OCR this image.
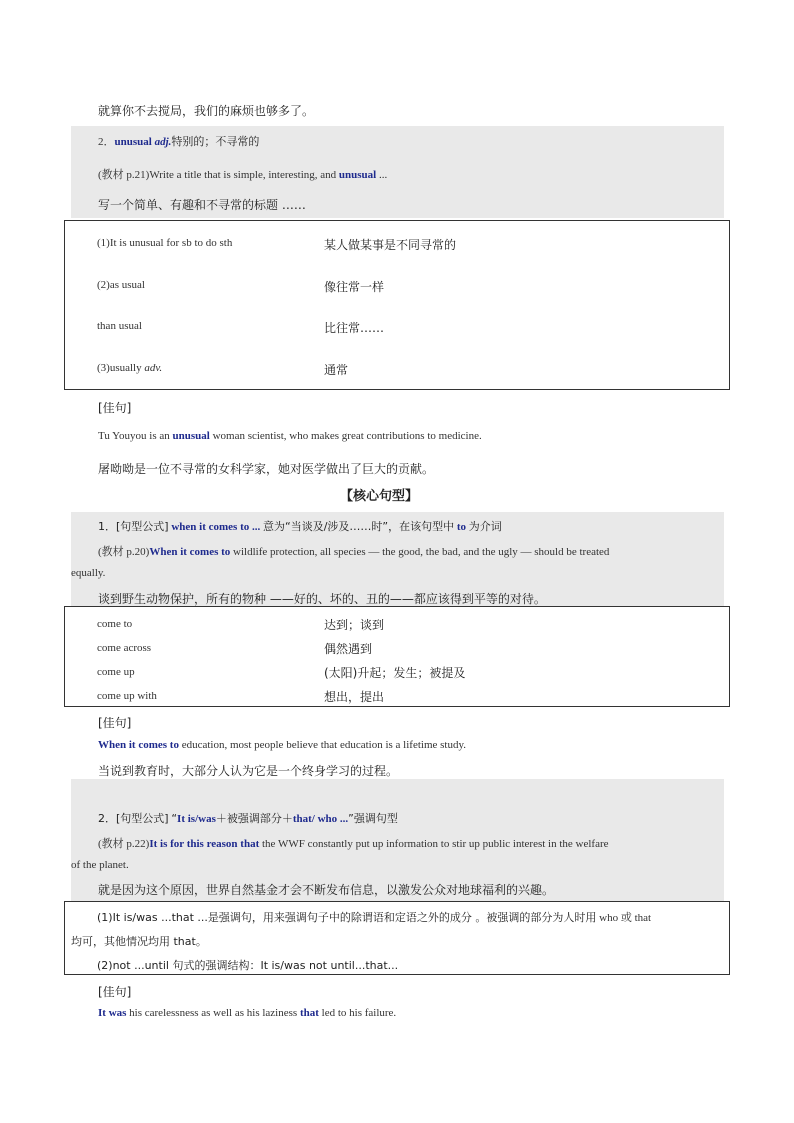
就算你不去搅局，我们的麻烦也够多了。
2．unusual adj.特别的；不寻常的
(教材 p.21)Write a title that is simple, interesting, and unusual ...
写一个简单、有趣和不寻常的标题 ……
(1)It is unusual for sb to do sth	某人做某事是不同寻常的
(2)as usual	像往常一样
than usual	比往常……
(3)usually adv.	通常
[佳句]
Tu Youyou is an unusual woman scientist, who makes great contributions to medicine.
屠呦呦是一位不寻常的女科学家，她对医学做出了巨大的贡献。
【核心句型】
1．[句型公式] when it comes to ... 意为“当谈及/涉及……时”，在该句型中 to 为介词
(教材 p.20)When it comes to wildlife protection, all species — the good, the bad, and the ugly — should be treated
equally.
谈到野生动物保护，所有的物种 ——好的、坏的、丑的——都应该得到平等的对待。
come to	达到；谈到
come across	偶然遇到
come up	(太阳)升起；发生；被提及
come up with	想出，提出
[佳句]
When it comes to education, most people believe that education is a lifetime study.
当说到教育时，大部分人认为它是一个终身学习的过程。
2．[句型公式] “It is/was＋被强调部分＋that/ who ...”强调句型
(教材 p.22)It is for this reason that the WWF constantly put up information to stir up public interest in the welfare
of the planet.
就是因为这个原因，世界自然基金才会不断发布信息，以激发公众对地球福利的兴趣。
(1)It is/was ...that ...是强调句，用来强调句子中的除谓语和定语之外的成分 。被强调的部分为人时用 who 或 that
均可，其他情况均用 that。
(2)not ...until 句式的强调结构：It is/was not until...that...
[佳句]
It was his carelessness as well as his laziness that led to his failure.
